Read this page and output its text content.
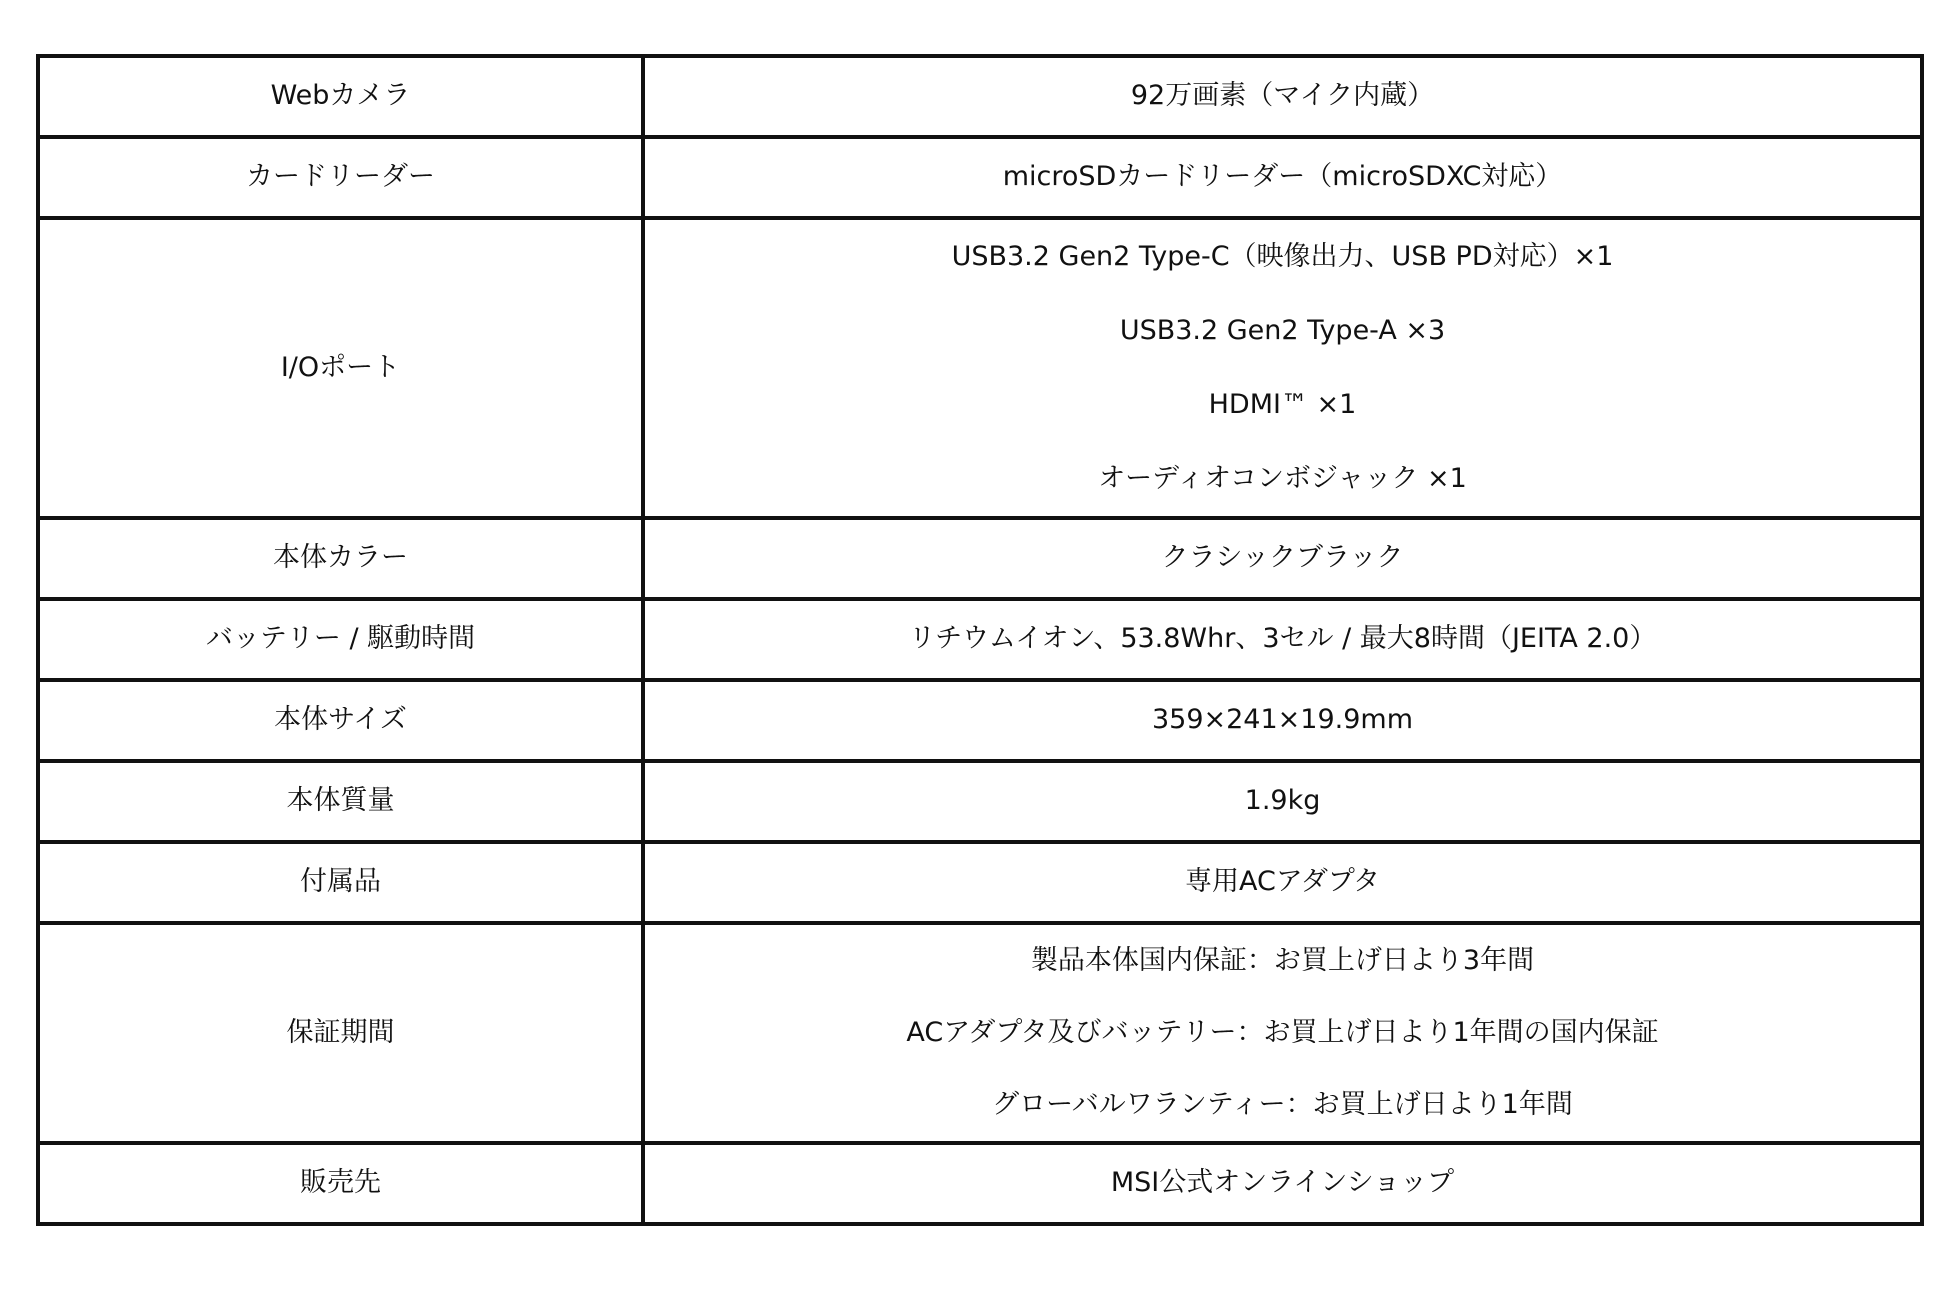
Webカメラ	92万画素（マイク内蔵）

カードリーダー	microSDカードリーダー（microSDXC対応）

I/Oポート	USB3.2 Gen2 Type-C（映像出力、USB PD対応）×1
USB3.2 Gen2 Type-A ×3
HDMI™ ×1
オーディオコンボジャック ×1

本体カラー	クラシックブラック

バッテリー / 駆動時間	リチウムイオン、53.8Whr、3セル / 最大8時間（JEITA 2.0）

本体サイズ	359×241×19.9mm

本体質量	1.9kg

付属品	専用ACアダプタ

保証期間	製品本体国内保証：お買上げ日より3年間
ACアダプタ及びバッテリー：お買上げ日より1年間の国内保証
グローバルワランティー：お買上げ日より1年間

販売先	MSI公式オンラインショップ
